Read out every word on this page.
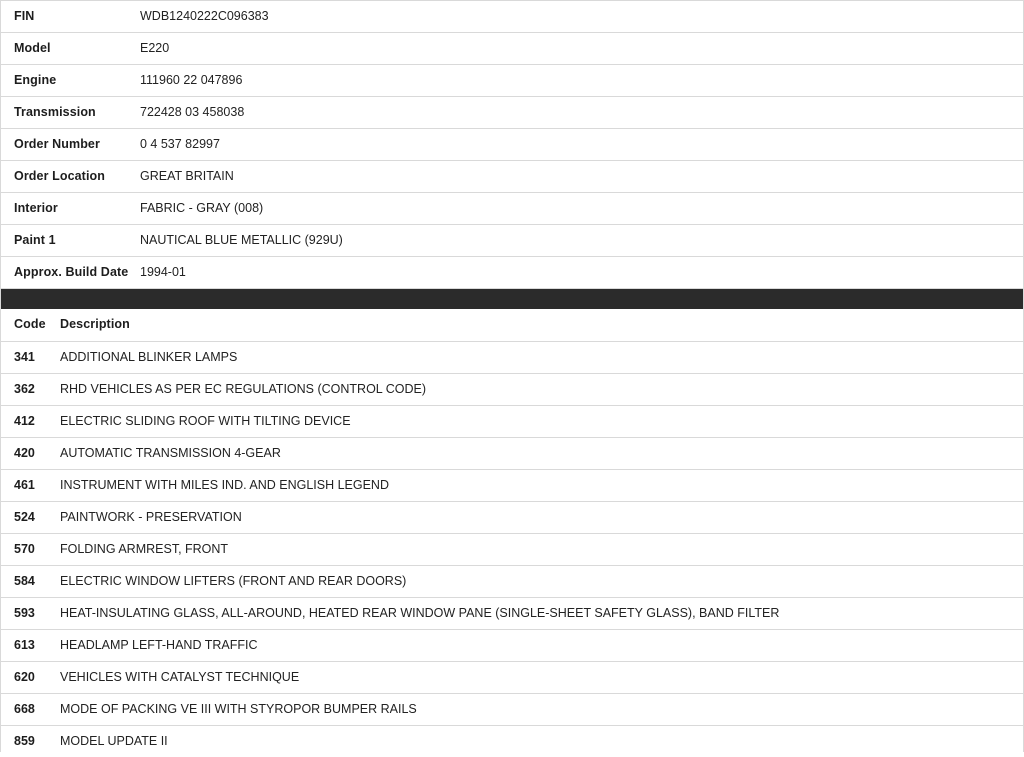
FIN	WDB1240222C096383
Model	E220
Engine	111960 22 047896
Transmission	722428 03 458038
Order Number	0 4 537 82997
Order Location	GREAT BRITAIN
Interior	FABRIC - GRAY (008)
Paint 1	NAUTICAL BLUE METALLIC (929U)
Approx. Build Date	1994-01
Code	Description
341	ADDITIONAL BLINKER LAMPS
362	RHD VEHICLES AS PER EC REGULATIONS (CONTROL CODE)
412	ELECTRIC SLIDING ROOF WITH TILTING DEVICE
420	AUTOMATIC TRANSMISSION 4-GEAR
461	INSTRUMENT WITH MILES IND. AND ENGLISH LEGEND
524	PAINTWORK - PRESERVATION
570	FOLDING ARMREST, FRONT
584	ELECTRIC WINDOW LIFTERS (FRONT AND REAR DOORS)
593	HEAT-INSULATING GLASS, ALL-AROUND, HEATED REAR WINDOW PANE (SINGLE-SHEET SAFETY GLASS), BAND FILTER
613	HEADLAMP LEFT-HAND TRAFFIC
620	VEHICLES WITH CATALYST TECHNIQUE
668	MODE OF PACKING VE III WITH STYROPOR BUMPER RAILS
859	MODEL UPDATE II
